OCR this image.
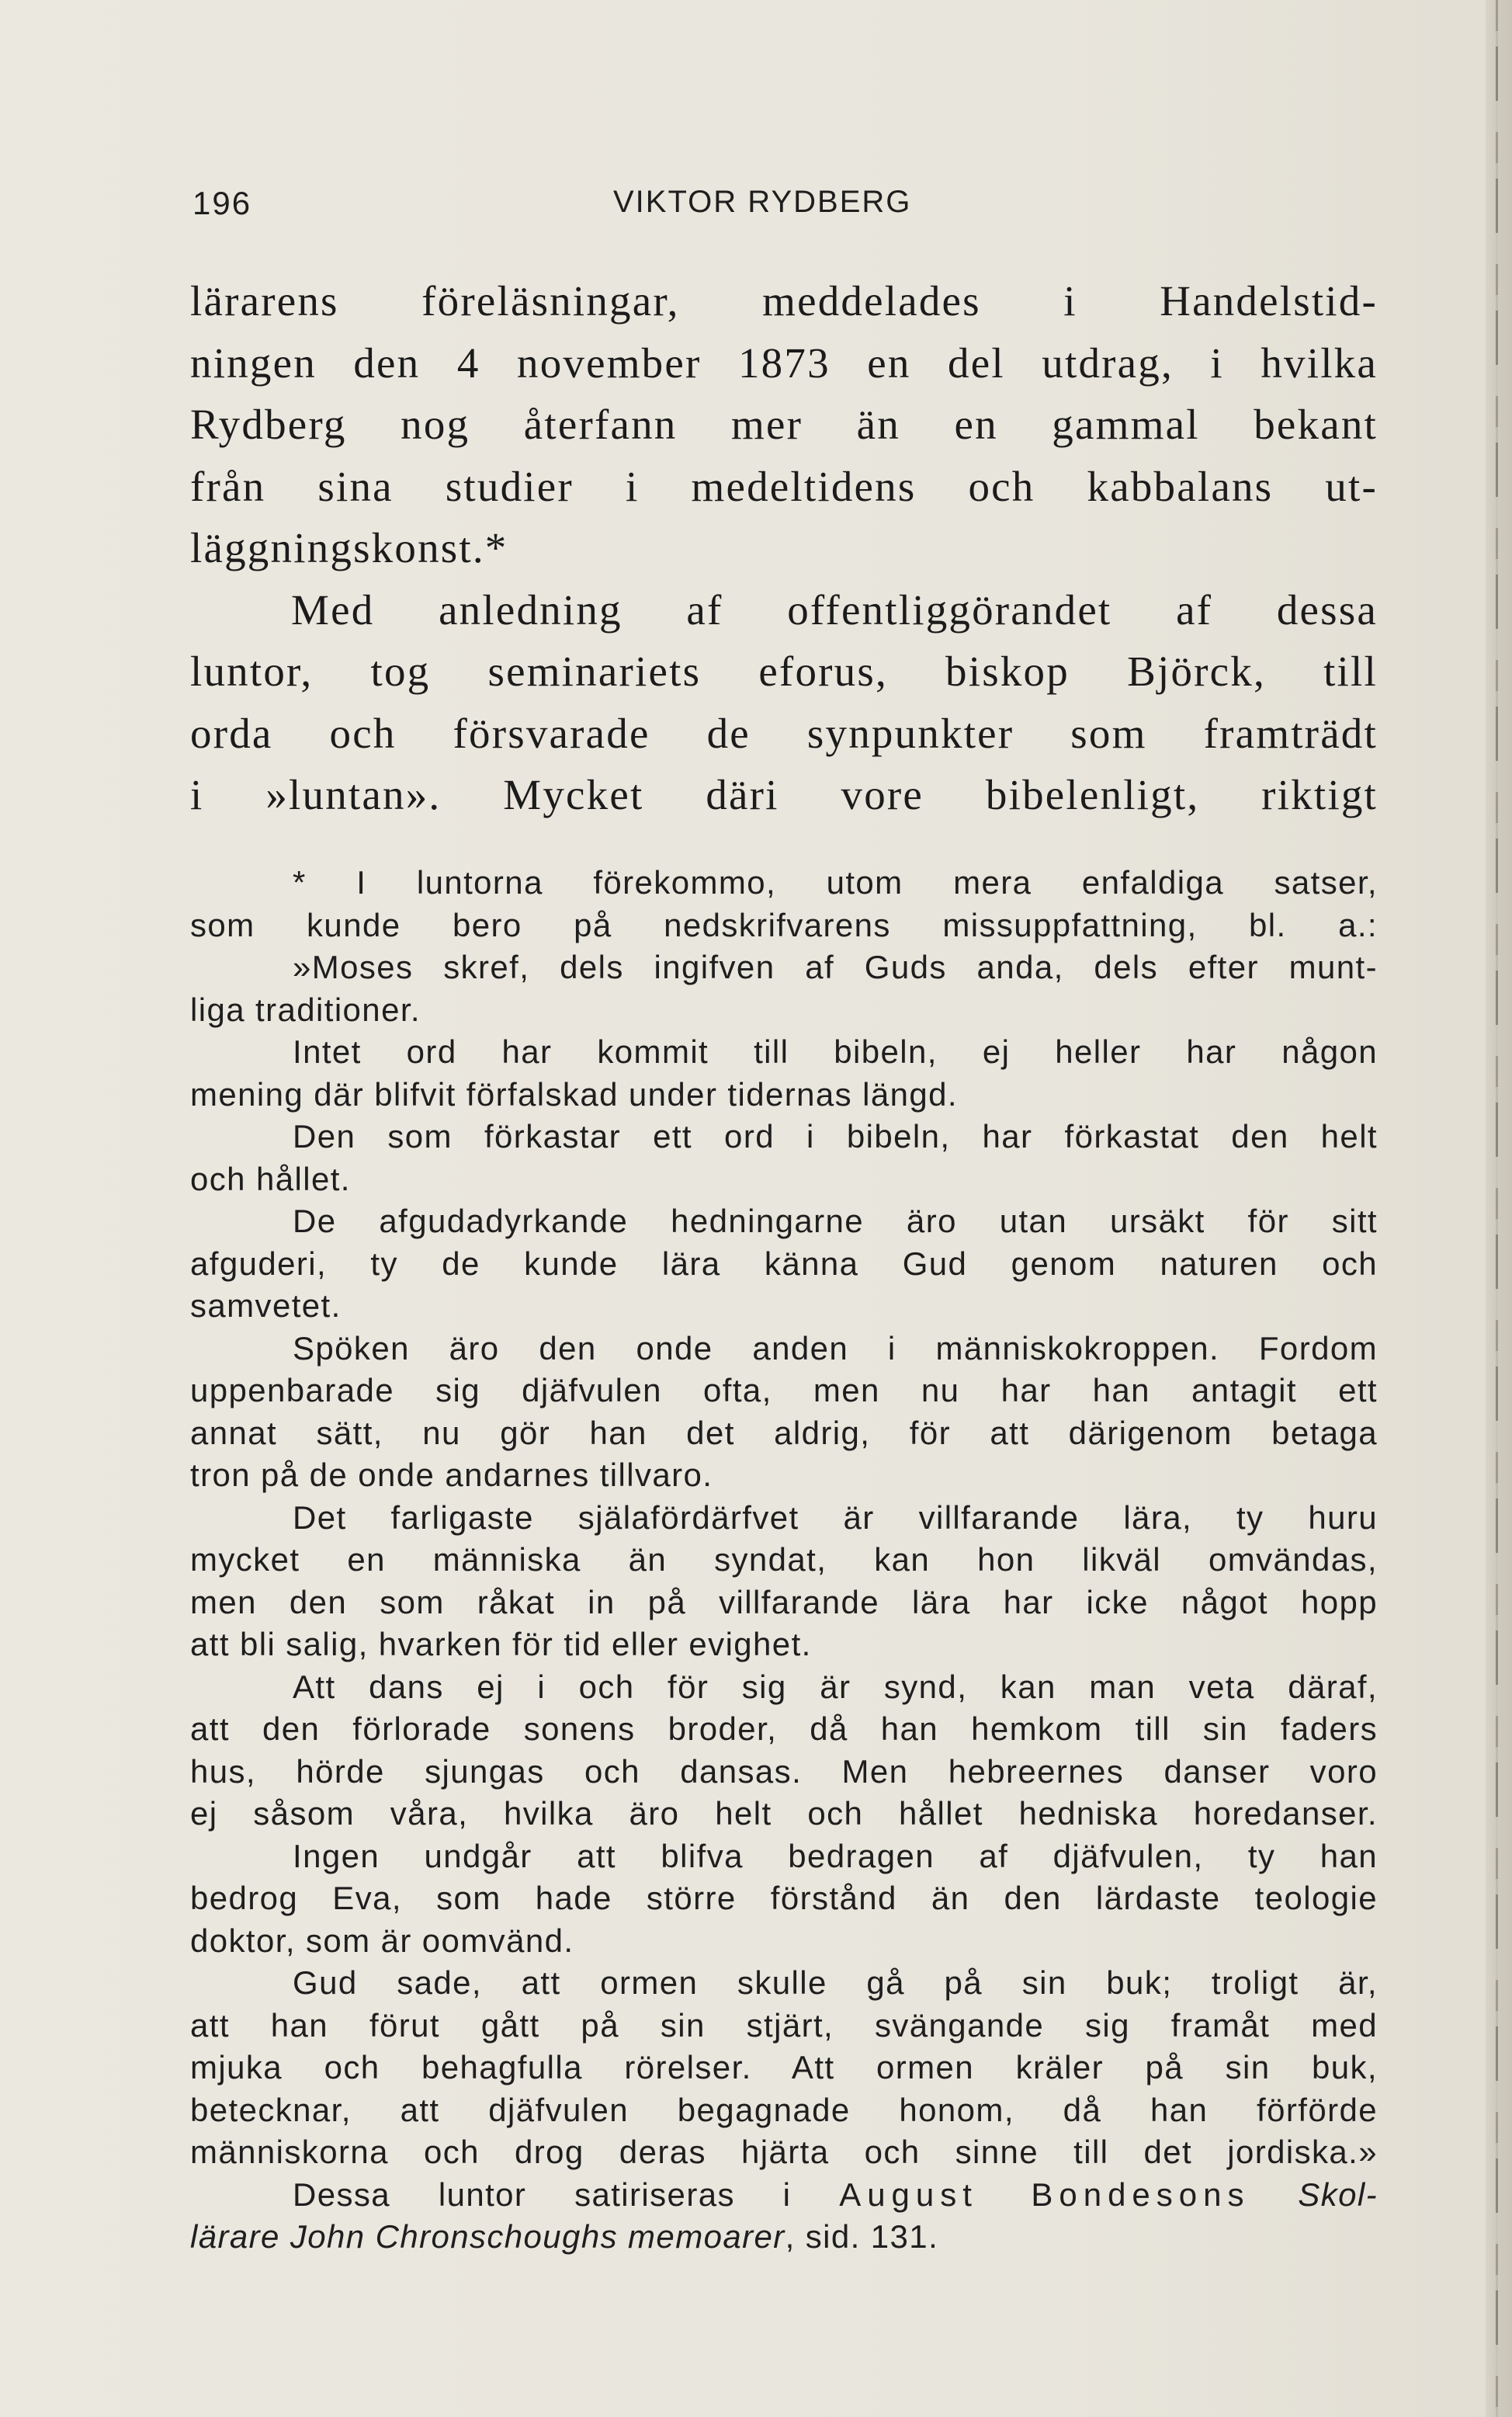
196	VIKTOR RYDBERG
lärarens föreläsningar, meddelades i Handelstid-
ningen den 4 november 1873 en del utdrag, i hvilka
Rydberg nog återfann mer än en gammal bekant
från sina studier i medeltidens och kabbalans ut-
läggningskonst.*
Med anledning af offentliggörandet af dessa
luntor, tog seminariets eforus, biskop Björck, till
orda och försvarade de synpunkter som framträdt
i »luntan». Mycket däri vore bibelenligt, riktigt
* I luntorna förekommo, utom mera enfaldiga satser,
som kunde bero på nedskrifvarens missuppfattning, bl. a.:
»Moses skref, dels ingifven af Guds anda, dels efter munt-
liga traditioner.
Intet ord har kommit till bibeln, ej heller har någon
mening där blifvit förfalskad under tidernas längd.
Den som förkastar ett ord i bibeln, har förkastat den helt
och hållet.
De afgudadyrkande hedningarne äro utan ursäkt för sitt
afguderi, ty de kunde lära känna Gud genom naturen och
samvetet.
Spöken äro den onde anden i människokroppen. Fordom
uppenbarade sig djäfvulen ofta, men nu har han antagit ett
annat sätt, nu gör han det aldrig, för att därigenom betaga
tron på de onde andarnes tillvaro.
Det farligaste själafördärfvet är villfarande lära, ty huru
mycket en människa än syndat, kan hon likväl omvändas,
men den som råkat in på villfarande lära har icke något hopp
att bli salig, hvarken för tid eller evighet.
Att dans ej i och för sig är synd, kan man veta däraf,
att den förlorade sonens broder, då han hemkom till sin faders
hus, hörde sjungas och dansas. Men hebreernes danser voro
ej såsom våra, hvilka äro helt och hållet hedniska horedanser.
Ingen undgår att blifva bedragen af djäfvulen, ty han
bedrog Eva, som hade större förstånd än den lärdaste teologie
doktor, som är oomvänd.
Gud sade, att ormen skulle gå på sin buk; troligt är,
att han förut gått på sin stjärt, svängande sig framåt med
mjuka och behagfulla rörelser. Att ormen kräler på sin buk,
betecknar, att djäfvulen begagnade honom, då han förförde
människorna och drog deras hjärta och sinne till det jordiska.»
Dessa luntor satiriseras i August Bondesons Skol-
lärare John Chronschoughs memoarer, sid. 131.
